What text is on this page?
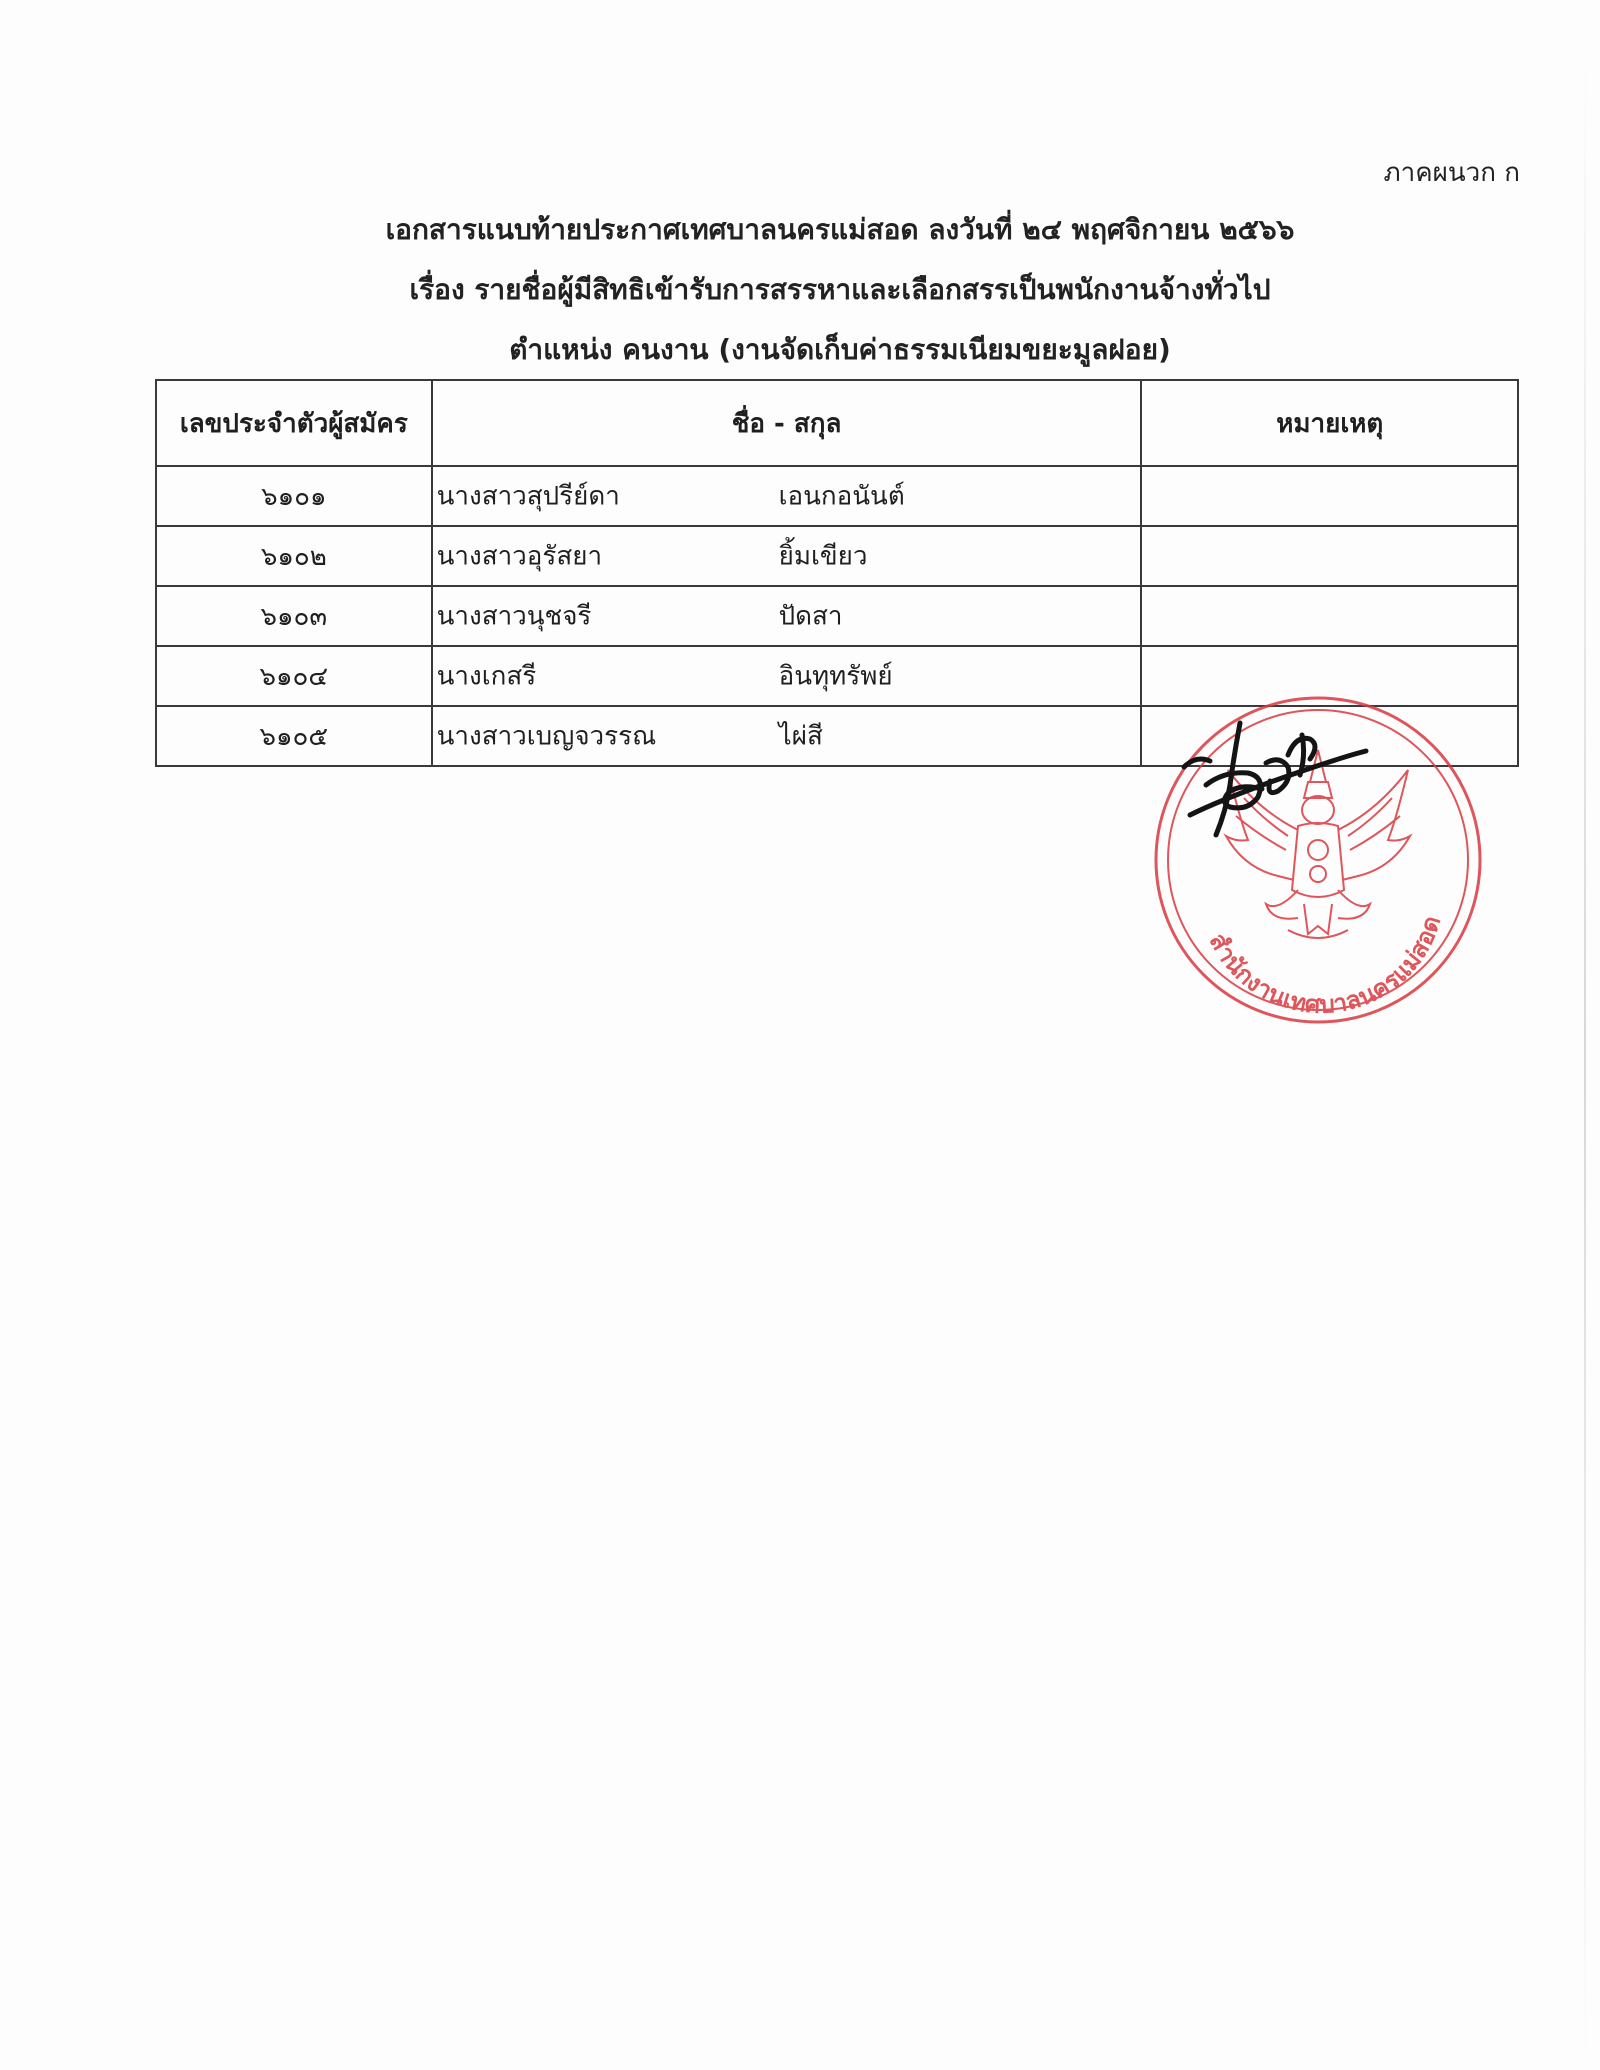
ภาคผนวก ก
เอกสารแนบท้ายประกาศเทศบาลนครแม่สอด ลงวันที่ ๒๔ พฤศจิกายน ๒๕๖๖
เรื่อง รายชื่อผู้มีสิทธิเข้ารับการสรรหาและเลือกสรรเป็นพนักงานจ้างทั่วไป
ตำแหน่ง คนงาน (งานจัดเก็บค่าธรรมเนียมขยะมูลฝอย)
เลขประจำตัวผู้สมัคร	ชื่อ - สกุล	หมายเหตุ
๖๑๐๑	นางสาวสุปรีย์ดา เอนกอนันต์	

๖๑๐๒	นางสาวอุรัสยา ยิ้มเขียว	

๖๑๐๓	นางสาวนุชจรี ปัดสา	

๖๑๐๔	นางเกสรี อินทุทรัพย์	

๖๑๐๕	นางสาวเบญจวรรณ ไผ่สี	

สำนักงานเทศบาลนครแม่สอด
